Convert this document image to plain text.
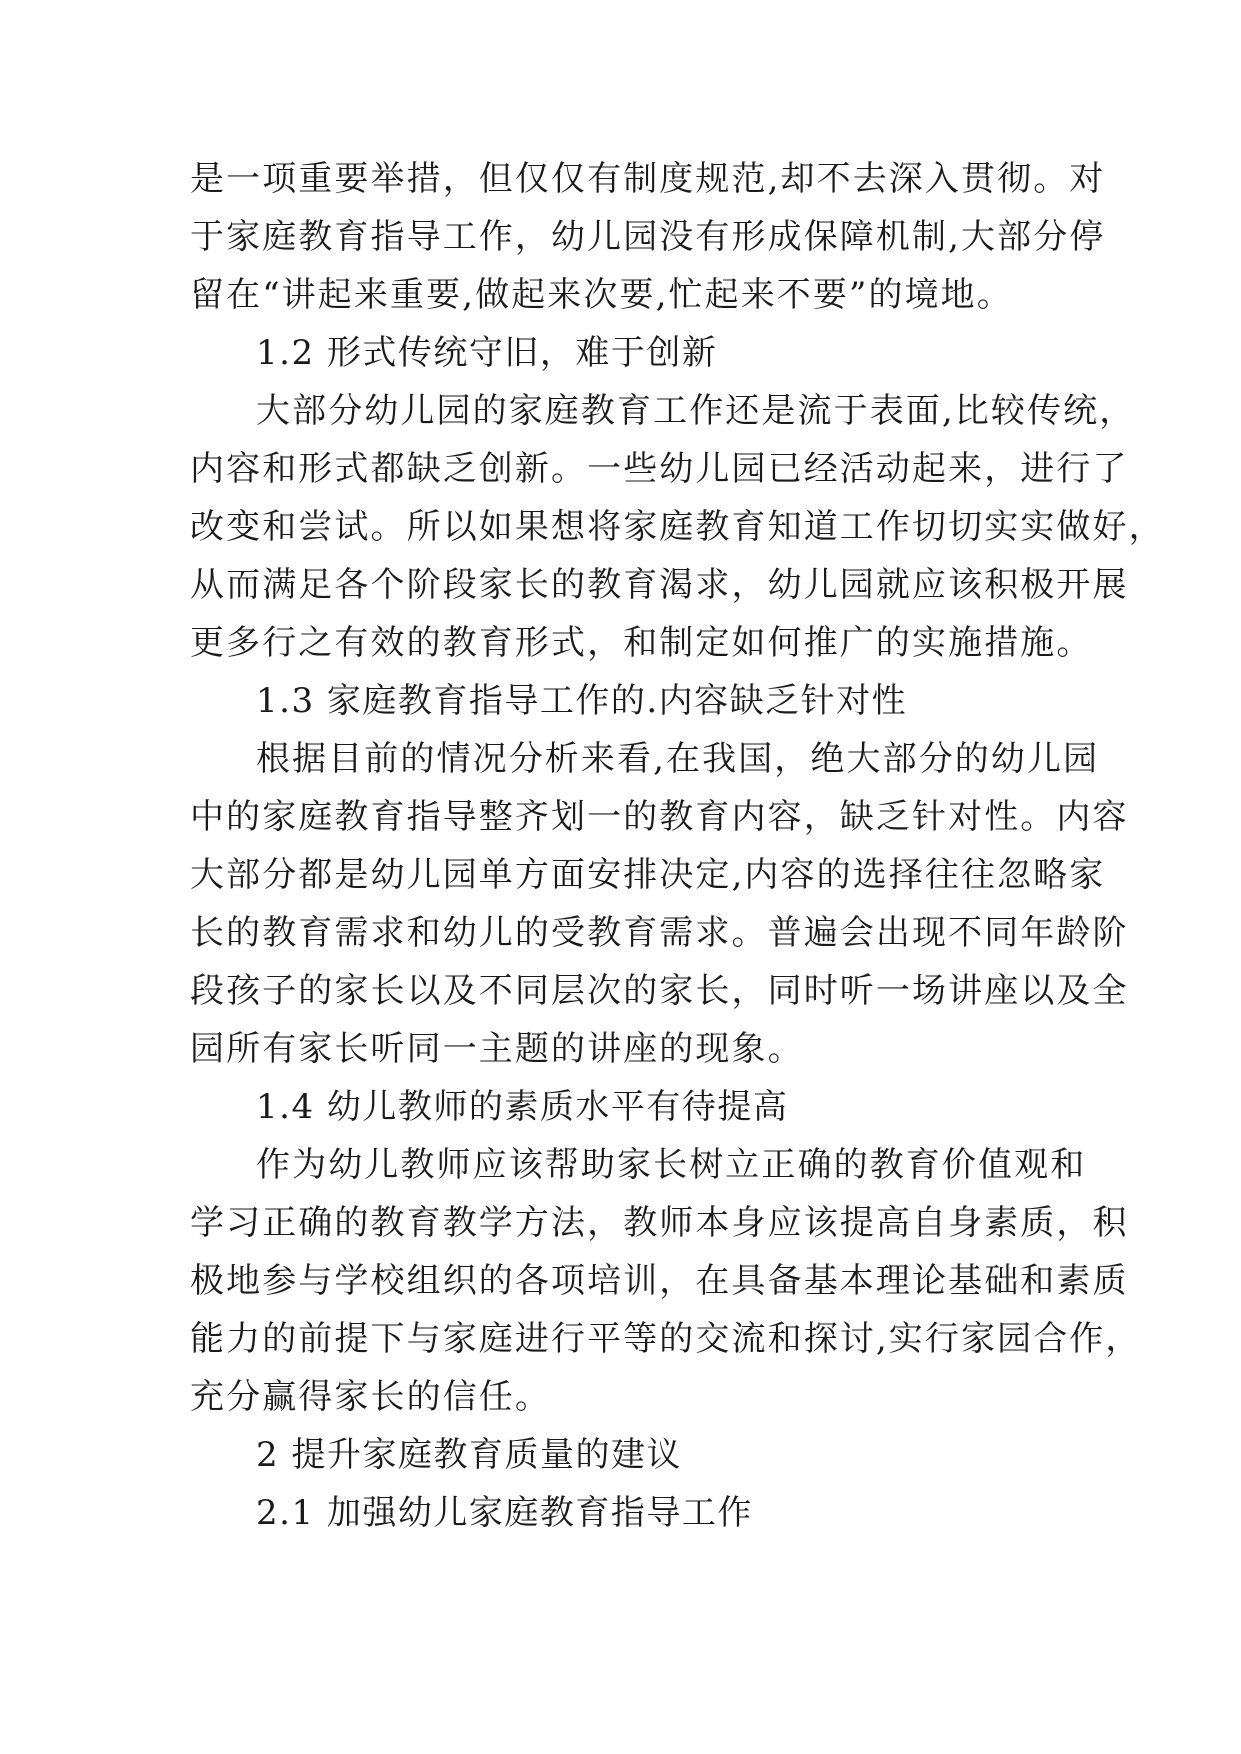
是一项重要举措，但仅仅有制度规范,却不去深入贯彻。对
于家庭教育指导工作，幼儿园没有形成保障机制,大部分停
留在“讲起来重要,做起来次要,忙起来不要”的境地。
1.2 形式传统守旧，难于创新
大部分幼儿园的家庭教育工作还是流于表面,比较传统，
内容和形式都缺乏创新。一些幼儿园已经活动起来，进行了
改变和尝试。所以如果想将家庭教育知道工作切切实实做好，
从而满足各个阶段家长的教育渴求，幼儿园就应该积极开展
更多行之有效的教育形式，和制定如何推广的实施措施。
1.3 家庭教育指导工作的.内容缺乏针对性
根据目前的情况分析来看,在我国，绝大部分的幼儿园
中的家庭教育指导整齐划一的教育内容，缺乏针对性。内容
大部分都是幼儿园单方面安排决定,内容的选择往往忽略家
长的教育需求和幼儿的受教育需求。普遍会出现不同年龄阶
段孩子的家长以及不同层次的家长，同时听一场讲座以及全
园所有家长听同一主题的讲座的现象。
1.4 幼儿教师的素质水平有待提高
作为幼儿教师应该帮助家长树立正确的教育价值观和
学习正确的教育教学方法，教师本身应该提高自身素质，积
极地参与学校组织的各项培训，在具备基本理论基础和素质
能力的前提下与家庭进行平等的交流和探讨,实行家园合作，
充分赢得家长的信任。
2 提升家庭教育质量的建议
2.1 加强幼儿家庭教育指导工作
